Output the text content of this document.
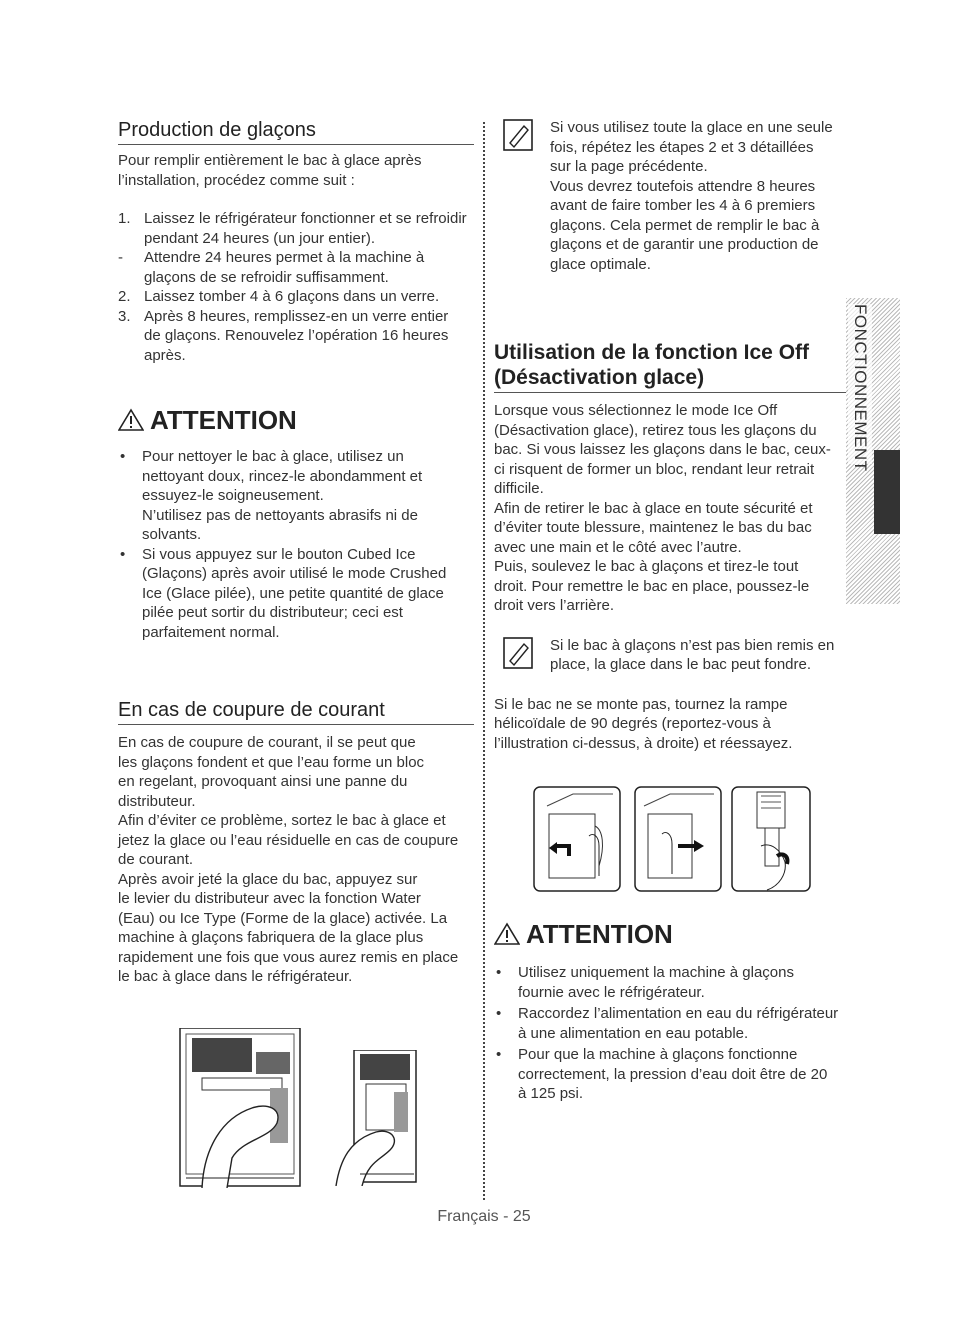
Production de glaçons

Pour remplir entièrement le bac à glace après

l’installation, procédez comme suit :

1. Laissez le réfrigérateur fonctionner et se refroidir
pendant 24 heures (un jour entier).
- Attendre 24 heures permet à la machine à
glaçons de se refroidir suffisamment.
2. Laissez tomber 4 à 6 glaçons dans un verre.
3. Après 8 heures, remplissez-en un verre entier
de glaçons. Renouvelez l’opération 16 heures
après.
ATTENTION
• Pour nettoyer le bac à glace, utilisez un
nettoyant doux, rincez-le abondamment et
essuyez-le soigneusement.
N’utilisez pas de nettoyants abrasifs ni de
solvants.
• Si vous appuyez sur le bouton Cubed Ice
(Glaçons) après avoir utilisé le mode Crushed
Ice (Glace pilée), une petite quantité de glace
pilée peut sortir du distributeur; ceci est
parfaitement normal.
En cas de coupure de courant

En cas de coupure de courant, il se peut que

les glaçons fondent et que l’eau forme un bloc

en regelant, provoquant ainsi une panne du

distributeur.

Afin d’éviter ce problème, sortez le bac à glace et

jetez la glace ou l’eau résiduelle en cas de coupure

de courant.

Après avoir jeté la glace du bac, appuyez sur

le levier du distributeur avec la fonction Water

(Eau) ou Ice Type (Forme de la glace) activée. La

machine à glaçons fabriquera de la glace plus

rapidement une fois que vous aurez remis en place

le bac à glace dans le réfrigérateur.

Si vous utilisez toute la glace en une seule

fois, répétez les étapes 2 et 3 détaillées

sur la page précédente.

Vous devrez toutefois attendre 8 heures

avant de faire tomber les 4 à 6 premiers

glaçons. Cela permet de remplir le bac à

glaçons et de garantir une production de

glace optimale.

Utilisation de la fonction Ice Off
(Désactivation glace)

Lorsque vous sélectionnez le mode Ice Off

(Désactivation glace), retirez tous les glaçons du

bac. Si vous laissez les glaçons dans le bac, ceux-

ci risquent de former un bloc, rendant leur retrait

difficile.

Afin de retirer le bac à glace en toute sécurité et

d’éviter toute blessure, maintenez le bas du bac

avec une main et le côté avec l’autre.

Puis, soulevez le bac à glaçons et tirez-le tout

droit. Pour remettre le bac en place, poussez-le

droit vers l’arrière.

Si le bac à glaçons n’est pas bien remis en

place, la glace dans le bac peut fondre.

Si le bac ne se monte pas, tournez la rampe

hélicoïdale de 90 degrés (reportez-vous à

l’illustration ci-dessus, à droite) et réessayez.

ATTENTION
• Utilisez uniquement la machine à glaçons
fournie avec le réfrigérateur.
• Raccordez l’alimentation en eau du réfrigérateur
à une alimentation en eau potable.
• Pour que la machine à glaçons fonctionne
correctement, la pression d’eau doit être de 20
à 125 psi.
FONCTIONNEMENT
Français - 25
